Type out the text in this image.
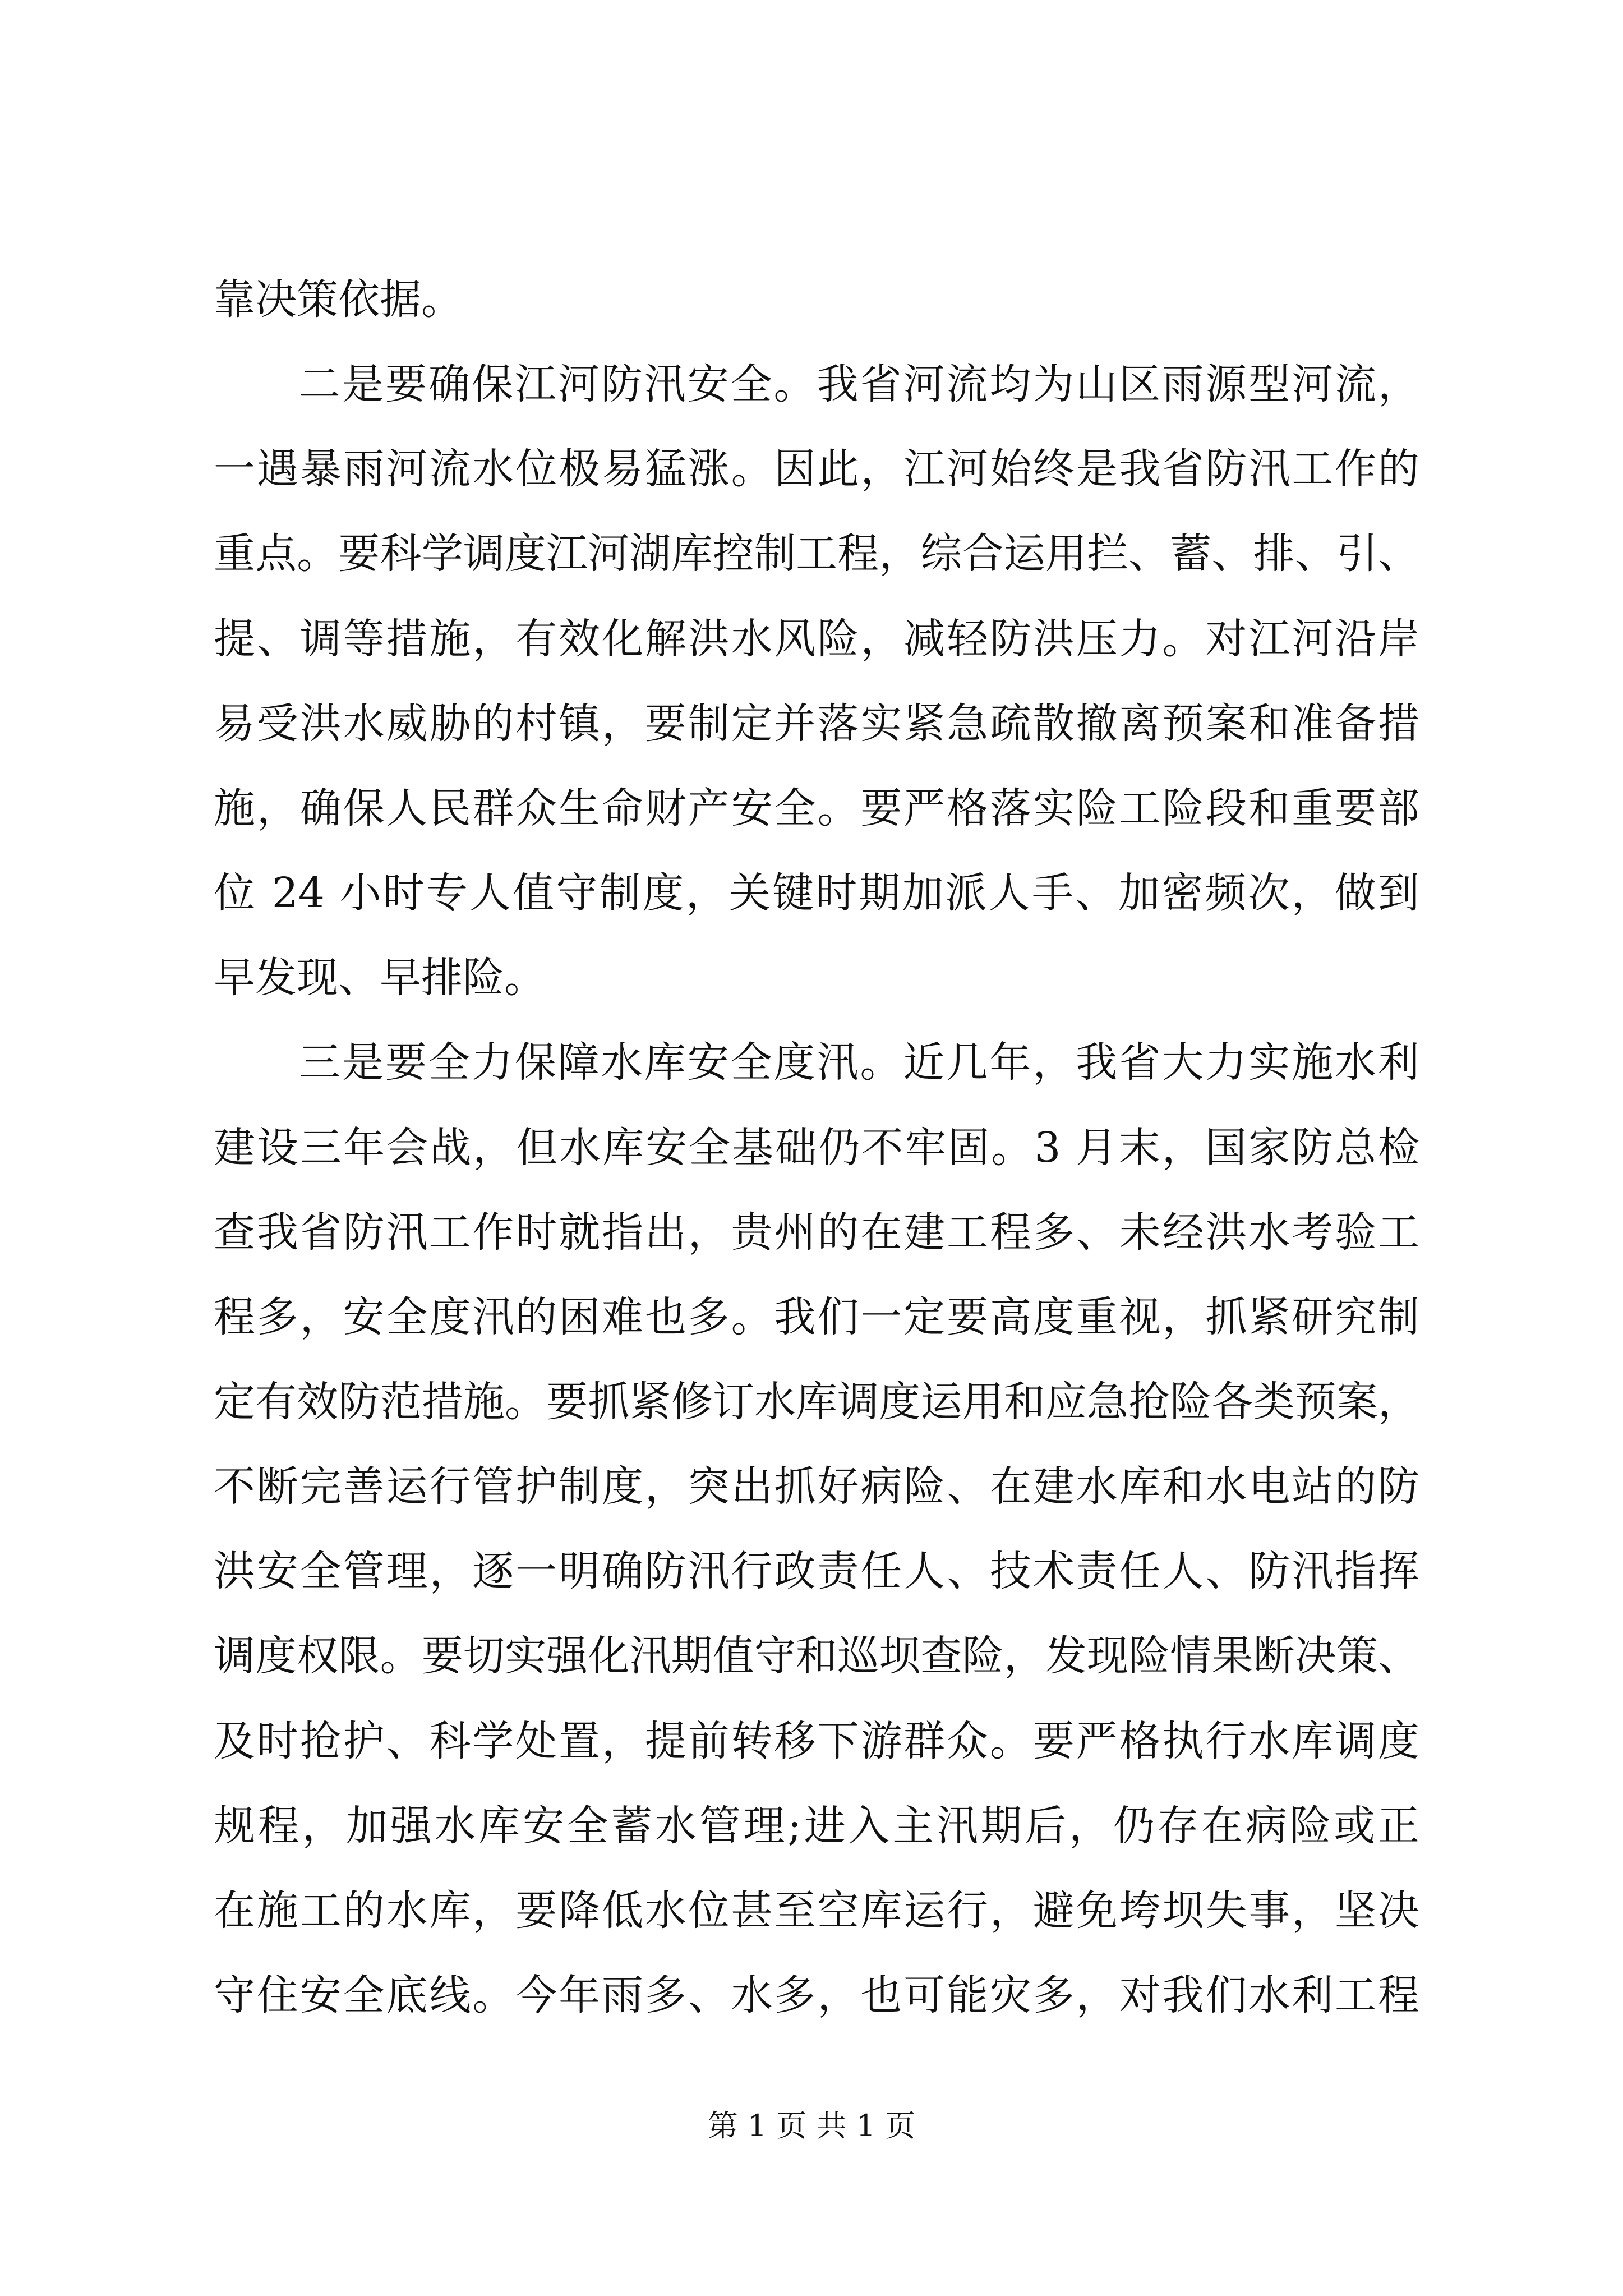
靠决策依据。
二是要确保江河防汛安全。我省河流均为山区雨源型河流，
一遇暴雨河流水位极易猛涨。因此，江河始终是我省防汛工作的
重点。要科学调度江河湖库控制工程，综合运用拦、蓄、排、引、
提、调等措施，有效化解洪水风险，减轻防洪压力。对江河沿岸
易受洪水威胁的村镇，要制定并落实紧急疏散撤离预案和准备措
施，确保人民群众生命财产安全。要严格落实险工险段和重要部
位 24 小时专人值守制度，关键时期加派人手、加密频次，做到
早发现、早排险。
三是要全力保障水库安全度汛。近几年，我省大力实施水利
建设三年会战，但水库安全基础仍不牢固。3 月末，国家防总检
查我省防汛工作时就指出，贵州的在建工程多、未经洪水考验工
程多，安全度汛的困难也多。我们一定要高度重视，抓紧研究制
定有效防范措施。要抓紧修订水库调度运用和应急抢险各类预案，
不断完善运行管护制度，突出抓好病险、在建水库和水电站的防
洪安全管理，逐一明确防汛行政责任人、技术责任人、防汛指挥
调度权限。要切实强化汛期值守和巡坝查险，发现险情果断决策、
及时抢护、科学处置，提前转移下游群众。要严格执行水库调度
规程，加强水库安全蓄水管理;进入主汛期后，仍存在病险或正
在施工的水库，要降低水位甚至空库运行，避免垮坝失事，坚决
守住安全底线。今年雨多、水多，也可能灾多，对我们水利工程
第 1 页 共 1 页
